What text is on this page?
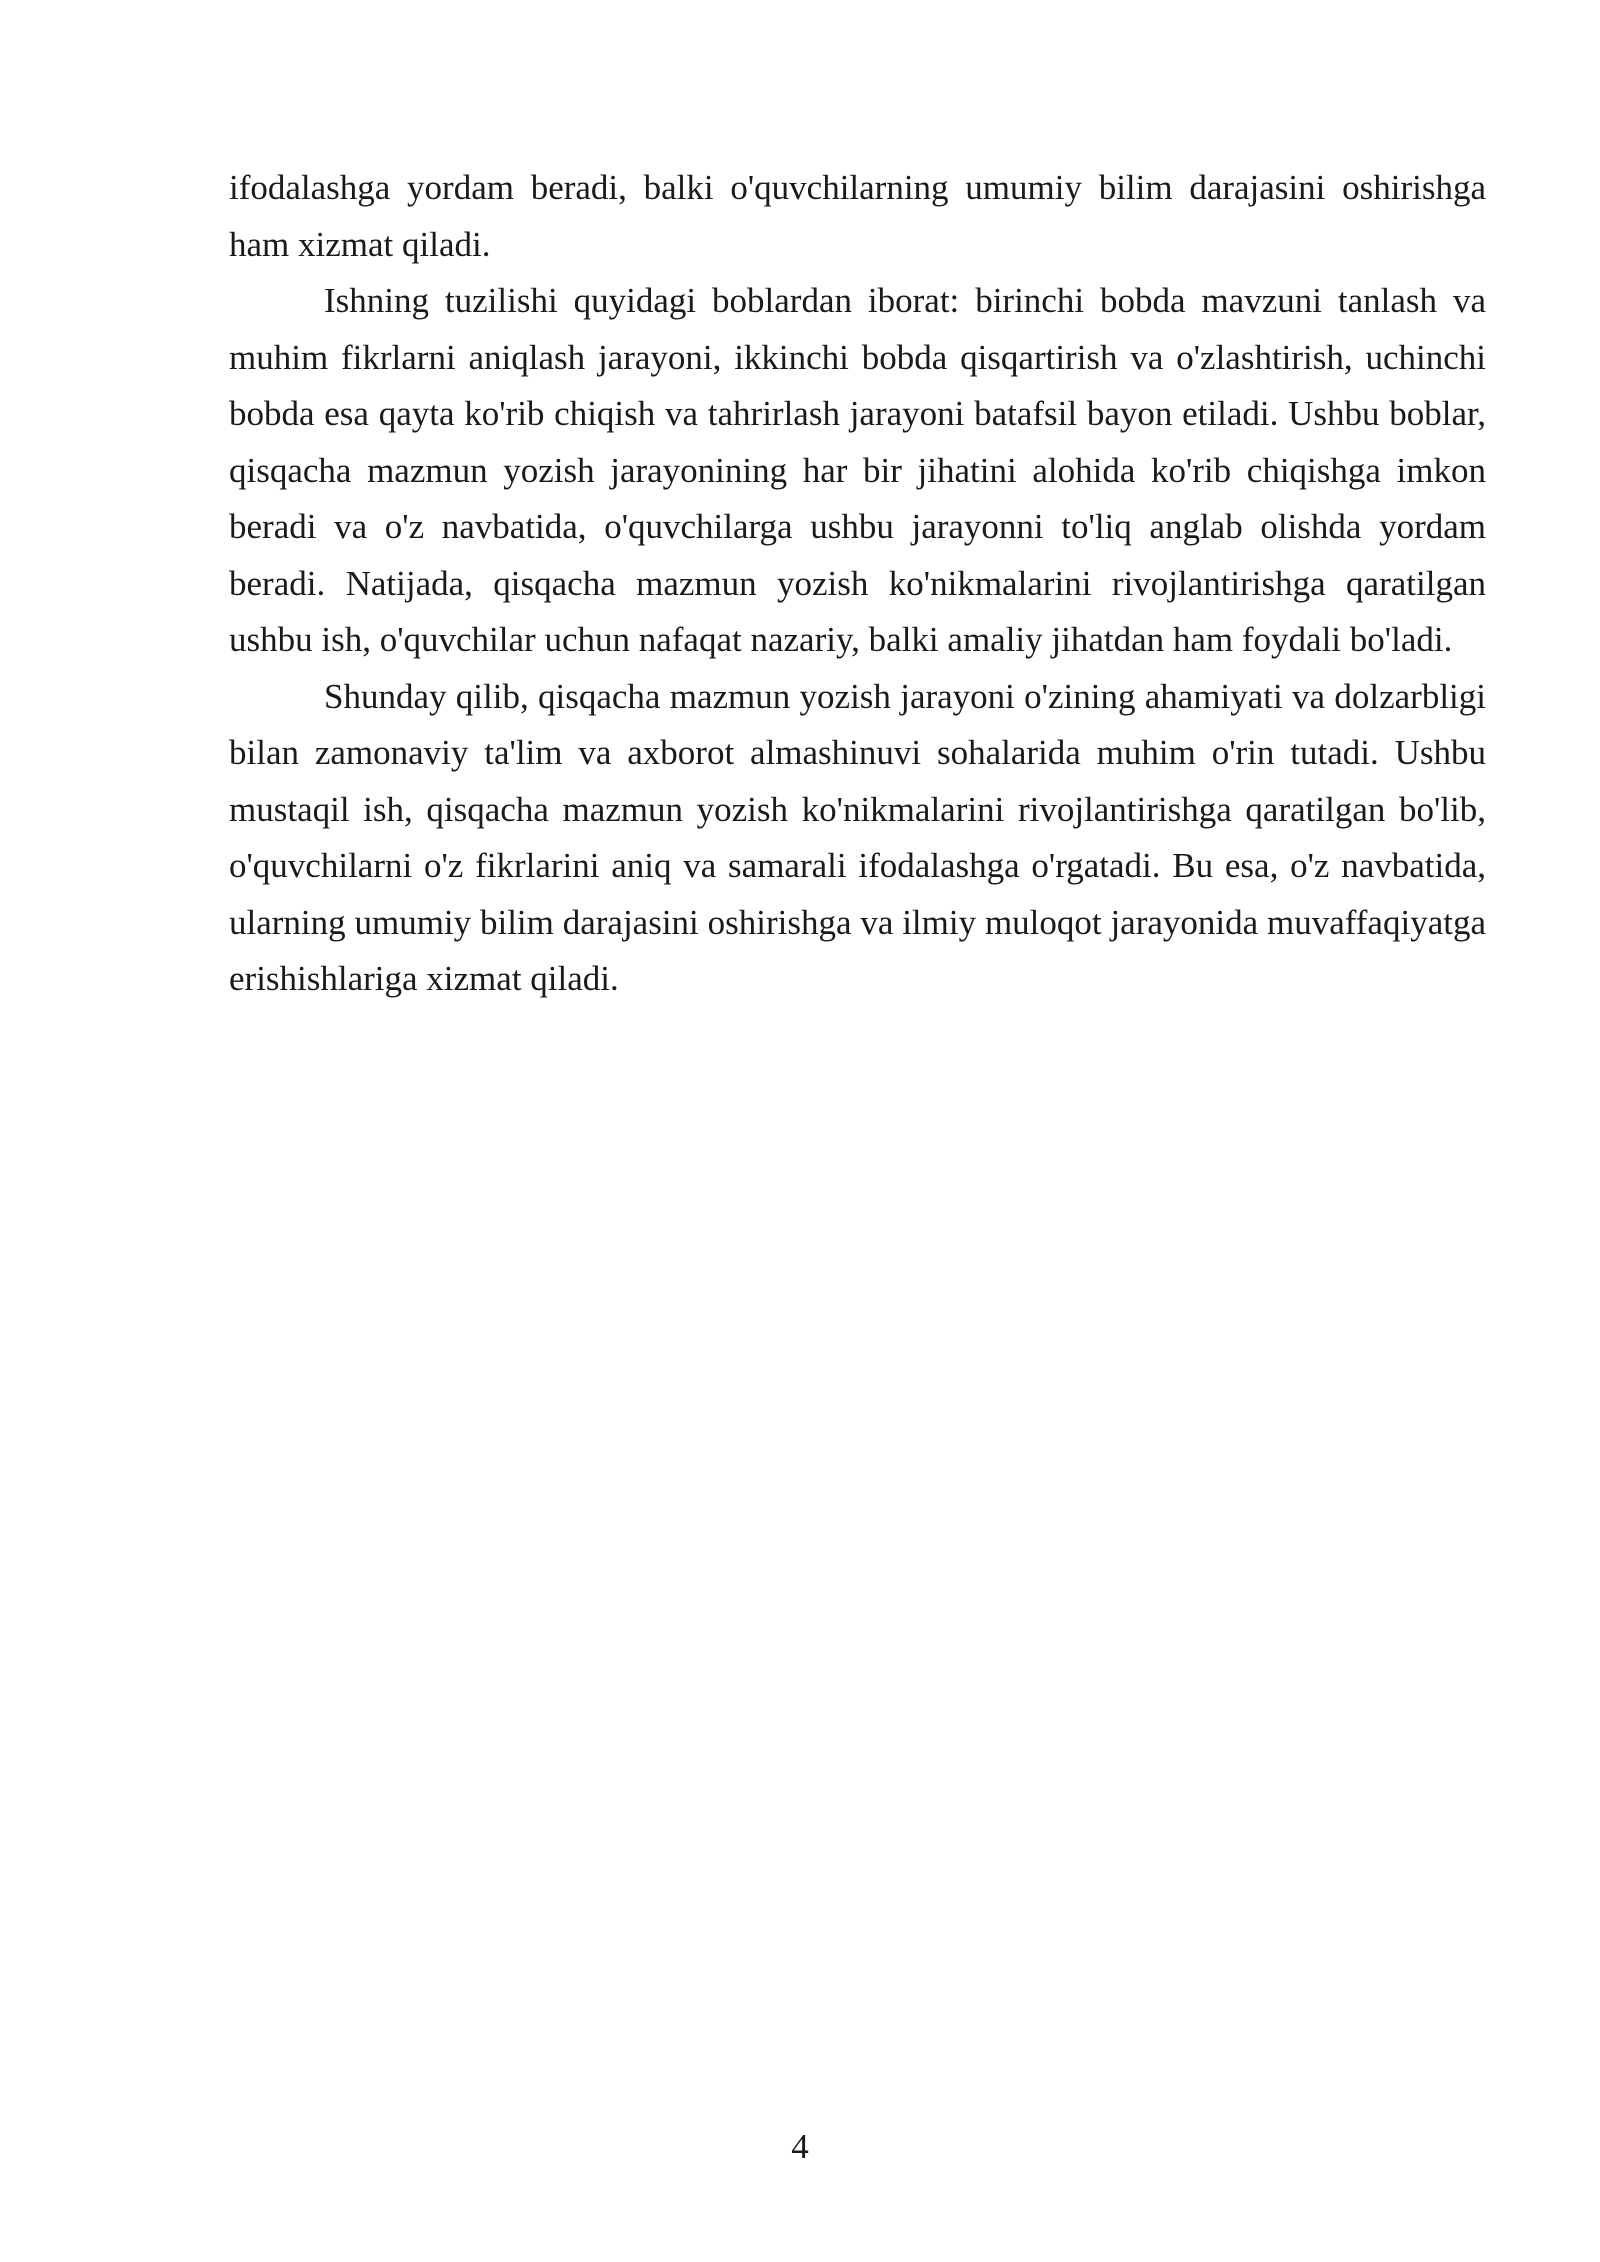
ifodalashga yordam beradi, balki o'quvchilarning umumiy bilim darajasini oshirishga ham xizmat qiladi.

Ishning tuzilishi quyidagi boblardan iborat: birinchi bobda mavzuni tanlash va muhim fikrlarni aniqlash jarayoni, ikkinchi bobda qisqartirish va o'zlashtirish, uchinchi bobda esa qayta ko'rib chiqish va tahrirlash jarayoni batafsil bayon etiladi. Ushbu boblar, qisqacha mazmun yozish jarayonining har bir jihatini alohida ko'rib chiqishga imkon beradi va o'z navbatida, o'quvchilarga ushbu jarayonni to'liq anglab olishda yordam beradi. Natijada, qisqacha mazmun yozish ko'nikmalarini rivojlantirishga qaratilgan ushbu ish, o'quvchilar uchun nafaqat nazariy, balki amaliy jihatdan ham foydali bo'ladi.

Shunday qilib, qisqacha mazmun yozish jarayoni o'zining ahamiyati va dolzarbligi bilan zamonaviy ta'lim va axborot almashinuvi sohalarida muhim o'rin tutadi. Ushbu mustaqil ish, qisqacha mazmun yozish ko'nikmalarini rivojlantirishga qaratilgan bo'lib, o'quvchilarni o'z fikrlarini aniq va samarali ifodalashga o'rgatadi. Bu esa, o'z navbatida, ularning umumiy bilim darajasini oshirishga va ilmiy muloqot jarayonida muvaffaqiyatga erishishlariga xizmat qiladi.

4
